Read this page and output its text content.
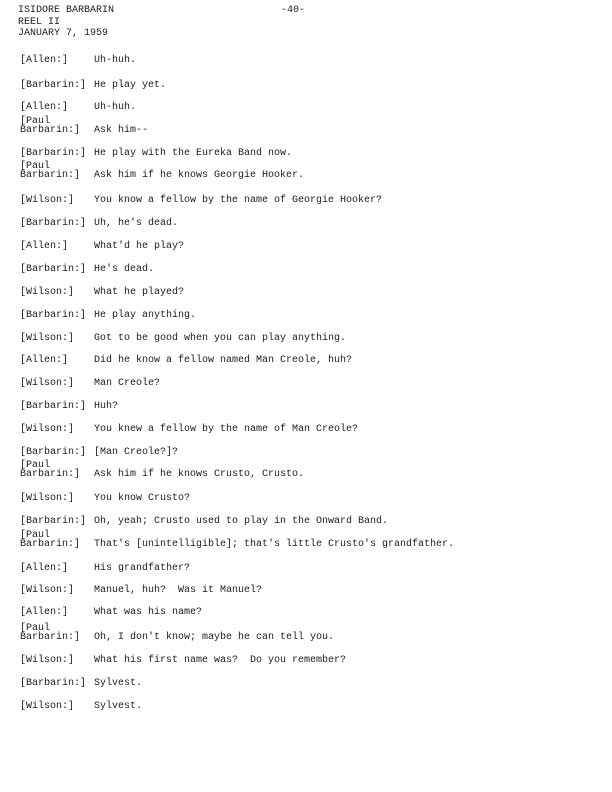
ISIDORE BARBARIN
REEL II
JANUARY 7, 1959
-40-
[Allen:]	Uh-huh.
[Barbarin:] He play yet.
[Allen:]	Uh-huh.
[Paul
Barbarin:]	Ask him--
[Barbarin:] He play with the Eureka Band now.
[Paul
Barbarin:]	Ask him if he knows Georgie Hooker.
[Wilson:]	You know a fellow by the name of Georgie Hooker?
[Barbarin:] Uh, he's dead.
[Allen:]	What'd he play?
[Barbarin:] He's dead.
[Wilson:]	What he played?
[Barbarin:] He play anything.
[Wilson:]	Got to be good when you can play anything.
[Allen:]	Did he know a fellow named Man Creole, huh?
[Wilson:]	Man Creole?
[Barbarin:] Huh?
[Wilson:]	You knew a fellow by the name of Man Creole?
[Barbarin:] [Man Creole?]?
[Paul
Barbarin:]	Ask him if he knows Crusto, Crusto.
[Wilson:]	You know Crusto?
[Barbarin:] Oh, yeah; Crusto used to play in the Onward Band.
[Paul
Barbarin:]	That's [unintelligible]; that's little Crusto's grandfather.
[Allen:]	His grandfather?
[Wilson:]	Manuel, huh?  Was it Manuel?
[Allen:]	What was his name?
[Paul
Barbarin:]	Oh, I don't know; maybe he can tell you.
[Wilson:]	What his first name was?  Do you remember?
[Barbarin:] Sylvest.
[Wilson:]	Sylvest.
